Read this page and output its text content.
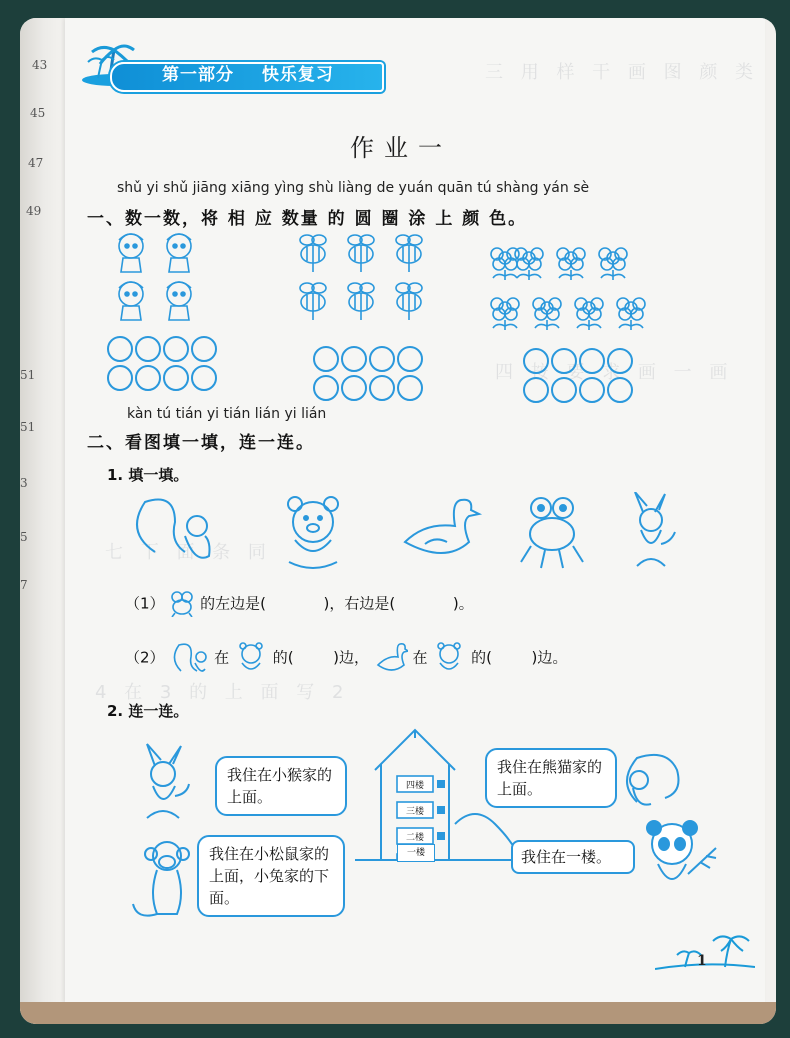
43
45
47
49
51
51
3
5
7
三 用 样 干 画 图 颜 类
四 按 要 求 画 一 画
七 下 面 条 同
4 在 3 的 上 面 写 2
第一部分 快乐复习
作业一
shǔ yi shǔ jiāng xiāng yìng shù liàng de yuán quān tú shàng yán sè
一、数一数，将 相 应 数量 的 圆 圈 涂 上 颜 色。
kàn tú tián yi tián lián yi lián
二、看图填一填，连一连。
1. 填一填。
（1） 的左边是(	)，右边是(	)。
（2）	在	的(	)边，	在	的(	)边。
2. 连一连。
我住在小猴家的上面。
我住在小松鼠家的上面，小兔家的下面。
四楼
三楼
二楼
一楼
我住在熊猫家的上面。
我住在一楼。
1
